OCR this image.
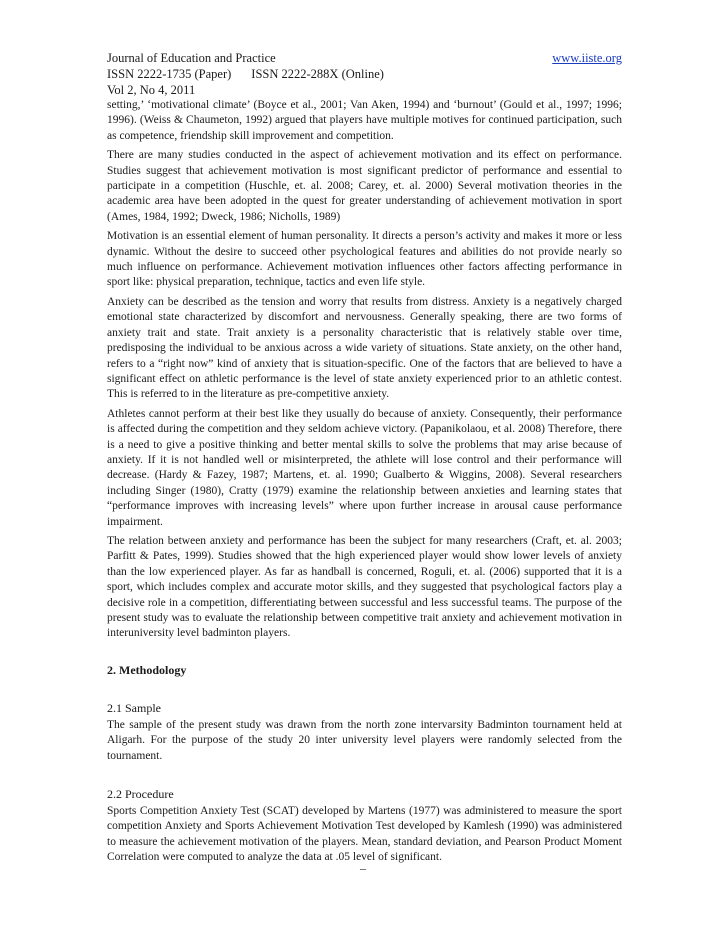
Journal of Education and Practice	www.iiste.org
ISSN 2222-1735 (Paper) ISSN 2222-288X (Online)
Vol 2, No 4, 2011

setting,’ ‘motivational climate’ (Boyce et al., 2001; Van Aken, 1994) and ‘burnout’ (Gould et al., 1997; 1996; 1996). (Weiss & Chaumeton, 1992) argued that players have multiple motives for continued participation, such as competence, friendship skill improvement and competition.

There are many studies conducted in the aspect of achievement motivation and its effect on performance. Studies suggest that achievement motivation is most significant predictor of performance and essential to participate in a competition (Huschle, et. al. 2008; Carey, et. al. 2000) Several motivation theories in the academic area have been adopted in the quest for greater understanding of achievement motivation in sport (Ames, 1984, 1992; Dweck, 1986; Nicholls, 1989)

Motivation is an essential element of human personality. It directs a person’s activity and makes it more or less dynamic. Without the desire to succeed other psychological features and abilities do not provide nearly so much influence on performance. Achievement motivation influences other factors affecting performance in sport like: physical preparation, technique, tactics and even life style.

Anxiety can be described as the tension and worry that results from distress. Anxiety is a negatively charged emotional state characterized by discomfort and nervousness. Generally speaking, there are two forms of anxiety trait and state. Trait anxiety is a personality characteristic that is relatively stable over time, predisposing the individual to be anxious across a wide variety of situations. State anxiety, on the other hand, refers to a “right now” kind of anxiety that is situation-specific. One of the factors that are believed to have a significant effect on athletic performance is the level of state anxiety experienced prior to an athletic contest. This is referred to in the literature as pre-competitive anxiety.

Athletes cannot perform at their best like they usually do because of anxiety. Consequently, their performance is affected during the competition and they seldom achieve victory. (Papanikolaou, et al. 2008) Therefore, there is a need to give a positive thinking and better mental skills to solve the problems that may arise because of anxiety. If it is not handled well or misinterpreted, the athlete will lose control and their performance will decrease. (Hardy & Fazey, 1987; Martens, et. al. 1990; Gualberto & Wiggins, 2008). Several researchers including Singer (1980), Cratty (1979) examine the relationship between anxieties and learning states that “performance improves with increasing levels” where upon further increase in arousal cause performance impairment.

The relation between anxiety and performance has been the subject for many researchers (Craft, et. al. 2003; Parfitt & Pates, 1999). Studies showed that the high experienced player would show lower levels of anxiety than the low experienced player. As far as handball is concerned, Roguli, et. al. (2006) supported that it is a sport, which includes complex and accurate motor skills, and they suggested that psychological factors play a decisive role in a competition, differentiating between successful and less successful teams. The purpose of the present study was to evaluate the relationship between competitive trait anxiety and achievement motivation in interuniversity level badminton players.

2. Methodology
2.1 Sample

The sample of the present study was drawn from the north zone intervarsity Badminton tournament held at Aligarh. For the purpose of the study 20 inter university level players were randomly selected from the tournament.

2.2 Procedure

Sports Competition Anxiety Test (SCAT) developed by Martens (1977) was administered to measure the sport competition Anxiety and Sports Achievement Motivation Test developed by Kamlesh (1990) was administered to measure the achievement motivation of the players. Mean, standard deviation, and Pearson Product Moment Correlation were computed to analyze the data at .05 level of significant.

–
